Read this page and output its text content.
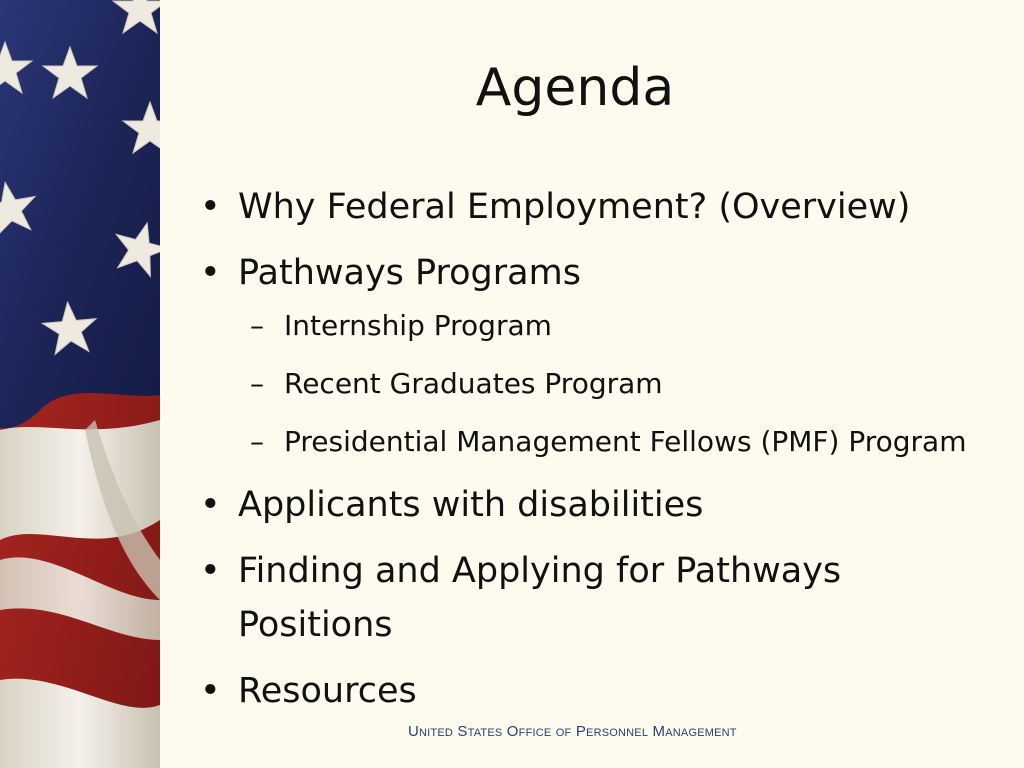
Agenda
• Why Federal Employment? (Overview)
• Pathways Programs
– Internship Program
– Recent Graduates Program
– Presidential Management Fellows (PMF) Program
• Applicants with disabilities
• Finding and Applying for Pathways Positions
• Resources
United States Office of Personnel Management
